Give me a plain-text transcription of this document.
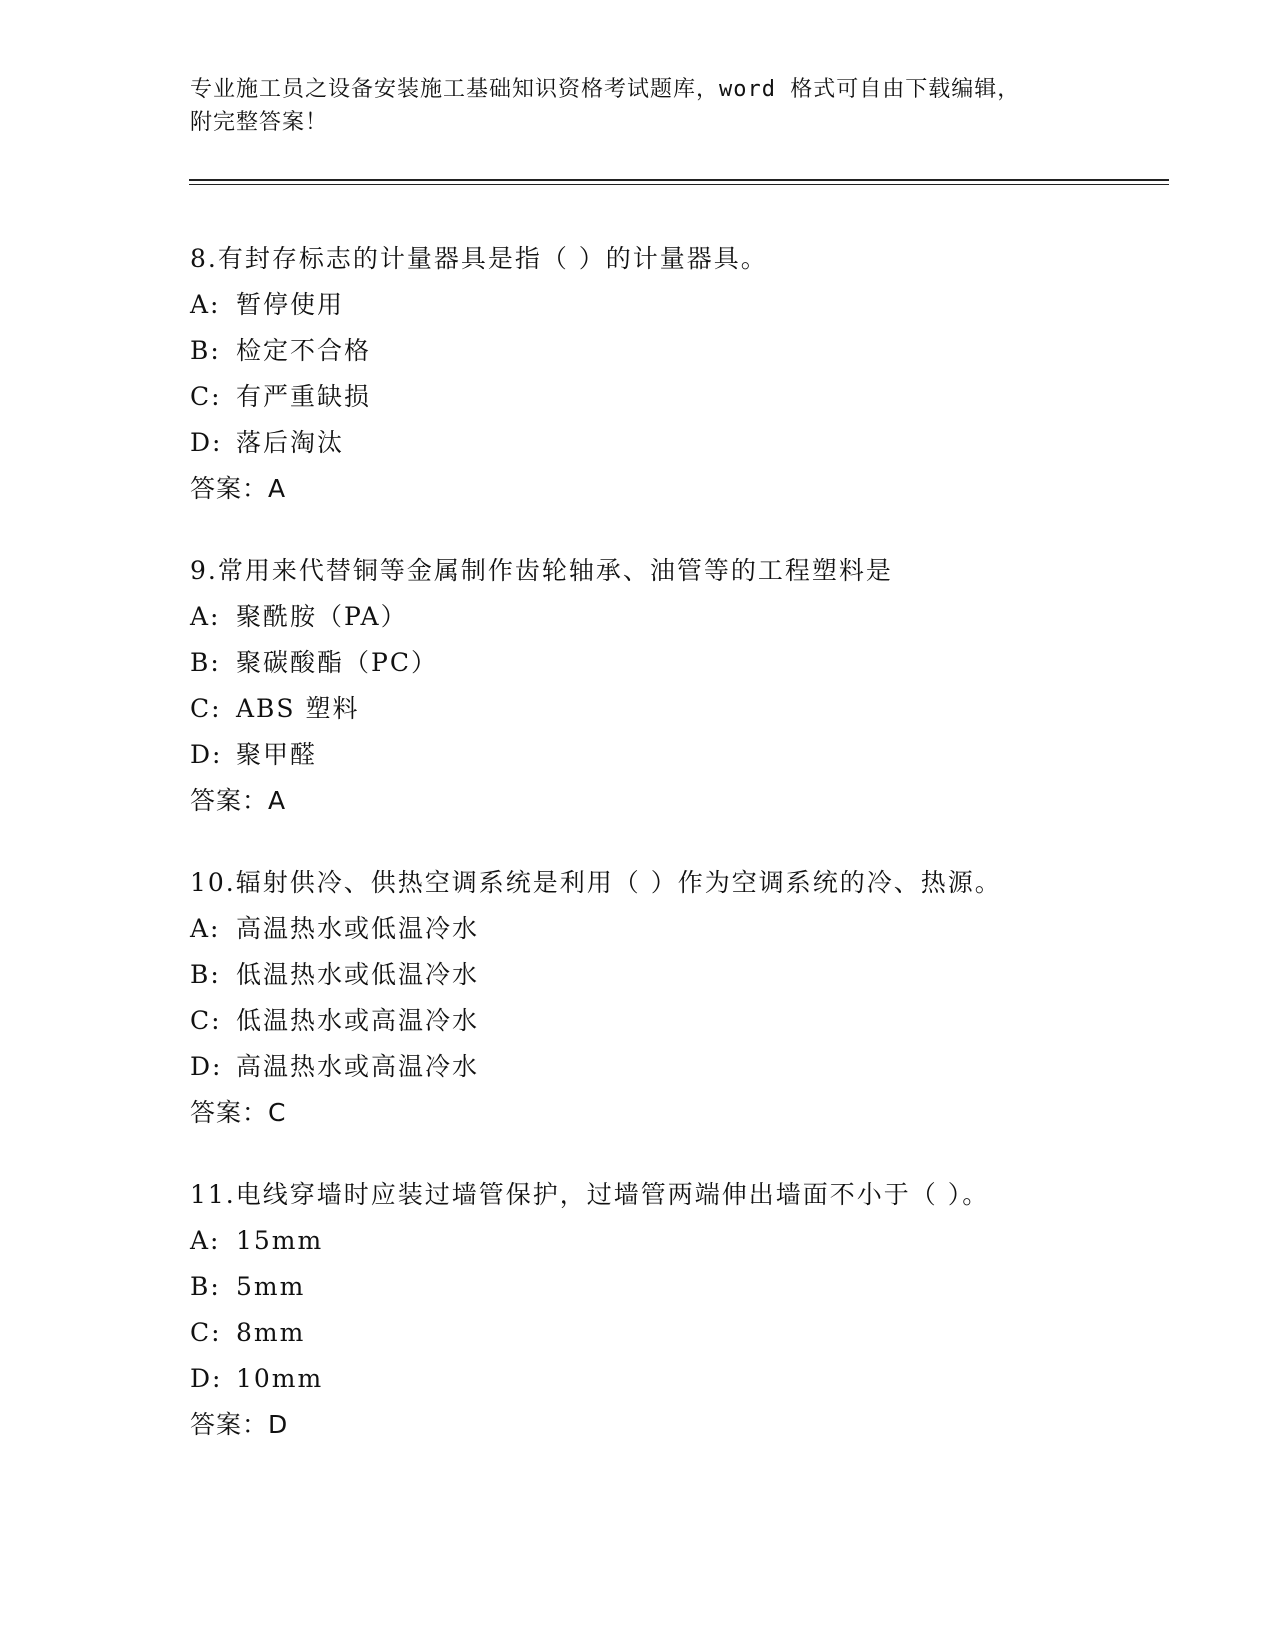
专业施工员之设备安装施工基础知识资格考试题库，word 格式可自由下载编辑，
附完整答案！

8.有封存标志的计量器具是指（ ）的计量器具。

A: 暂停使用

B: 检定不合格

C: 有严重缺损

D: 落后淘汰

答案：A

9.常用来代替铜等金属制作齿轮轴承、油管等的工程塑料是

A: 聚酰胺（PA）

B: 聚碳酸酯（PC）

C: ABS 塑料

D: 聚甲醛

答案：A

10.辐射供冷、供热空调系统是利用（ ）作为空调系统的冷、热源。

A: 高温热水或低温冷水

B: 低温热水或低温冷水

C: 低温热水或高温冷水

D: 高温热水或高温冷水

答案：C

11.电线穿墙时应装过墙管保护，过墙管两端伸出墙面不小于（ ）。

A: 15mm

B: 5mm

C: 8mm

D: 10mm

答案：D
